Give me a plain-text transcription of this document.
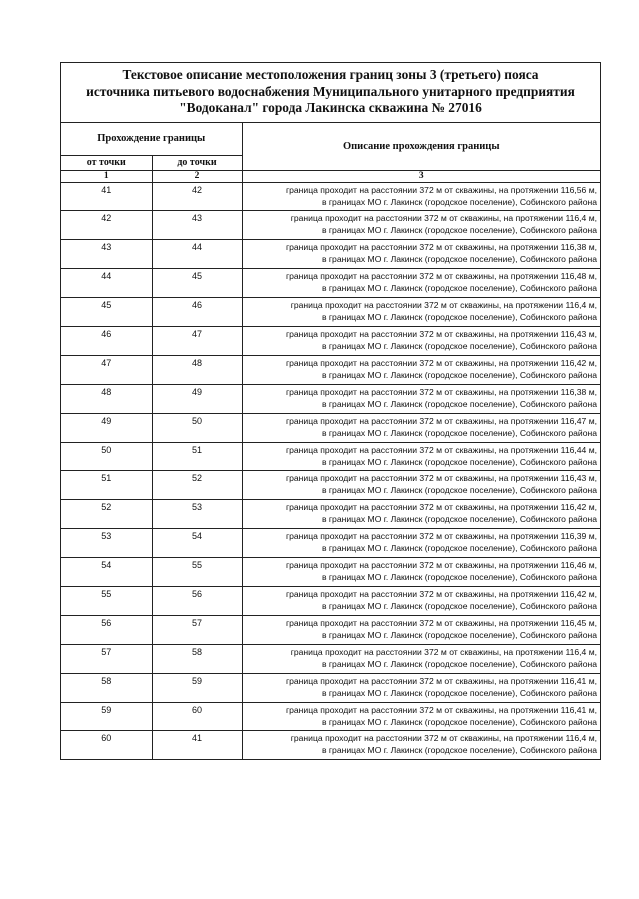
Текстовое описание местоположения границ зоны 3 (третьего) пояса
источника питьевого водоснабжения Муниципального унитарного предприятия
"Водоканал" города Лакинска скважина № 27016
Прохождение границы		Описание прохождения границы
от точки	до точки	
1	2	3
41	42	граница проходит на расстоянии 372 м от скважины, на протяжении 116,56 м,
в границах МО г. Лакинск (городское поселение), Собинского района

42	43	граница проходит на расстоянии 372 м от скважины, на протяжении 116,4 м,
в границах МО г. Лакинск (городское поселение), Собинского района

43	44	граница проходит на расстоянии 372 м от скважины, на протяжении 116,38 м,
в границах МО г. Лакинск (городское поселение), Собинского района

44	45	граница проходит на расстоянии 372 м от скважины, на протяжении 116,48 м,
в границах МО г. Лакинск (городское поселение), Собинского района

45	46	граница проходит на расстоянии 372 м от скважины, на протяжении 116,4 м,
в границах МО г. Лакинск (городское поселение), Собинского района

46	47	граница проходит на расстоянии 372 м от скважины, на протяжении 116,43 м,
в границах МО г. Лакинск (городское поселение), Собинского района

47	48	граница проходит на расстоянии 372 м от скважины, на протяжении 116,42 м,
в границах МО г. Лакинск (городское поселение), Собинского района

48	49	граница проходит на расстоянии 372 м от скважины, на протяжении 116,38 м,
в границах МО г. Лакинск (городское поселение), Собинского района

49	50	граница проходит на расстоянии 372 м от скважины, на протяжении 116,47 м,
в границах МО г. Лакинск (городское поселение), Собинского района

50	51	граница проходит на расстоянии 372 м от скважины, на протяжении 116,44 м,
в границах МО г. Лакинск (городское поселение), Собинского района

51	52	граница проходит на расстоянии 372 м от скважины, на протяжении 116,43 м,
в границах МО г. Лакинск (городское поселение), Собинского района

52	53	граница проходит на расстоянии 372 м от скважины, на протяжении 116,42 м,
в границах МО г. Лакинск (городское поселение), Собинского района

53	54	граница проходит на расстоянии 372 м от скважины, на протяжении 116,39 м,
в границах МО г. Лакинск (городское поселение), Собинского района

54	55	граница проходит на расстоянии 372 м от скважины, на протяжении 116,46 м,
в границах МО г. Лакинск (городское поселение), Собинского района

55	56	граница проходит на расстоянии 372 м от скважины, на протяжении 116,42 м,
в границах МО г. Лакинск (городское поселение), Собинского района

56	57	граница проходит на расстоянии 372 м от скважины, на протяжении 116,45 м,
в границах МО г. Лакинск (городское поселение), Собинского района

57	58	граница проходит на расстоянии 372 м от скважины, на протяжении 116,4 м,
в границах МО г. Лакинск (городское поселение), Собинского района

58	59	граница проходит на расстоянии 372 м от скважины, на протяжении 116,41 м,
в границах МО г. Лакинск (городское поселение), Собинского района

59	60	граница проходит на расстоянии 372 м от скважины, на протяжении 116,41 м,
в границах МО г. Лакинск (городское поселение), Собинского района

60	41	граница проходит на расстоянии 372 м от скважины, на протяжении 116,4 м,
в границах МО г. Лакинск (городское поселение), Собинского района
